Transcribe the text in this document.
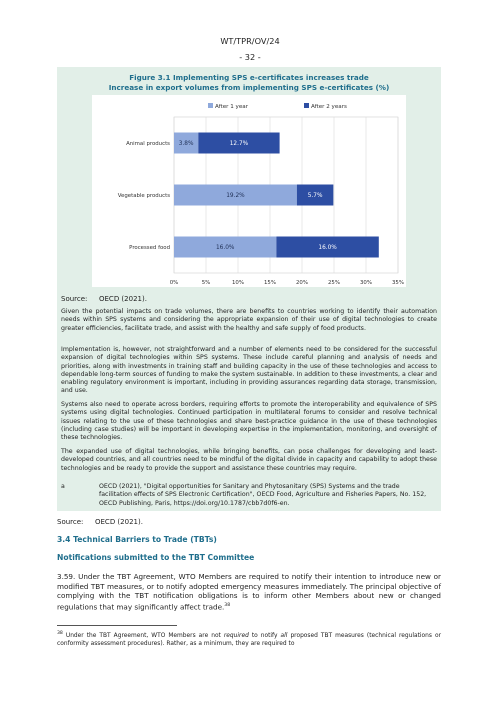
WT/TPR/OV/24
- 32 -
Figure 3.1 Implementing SPS e-certificates increases trade
Increase in export volumes from implementing SPS e-certificates (%)
0%	5%	10%	15%	20%	25%	30%	35%
After 1 year	After 2 years
Animal products 3.8%	12.7%
Vegetable products	19.2%	5.7%
Processed food	16.0%	16.0%
Source: OECD (2021).
Given the potential impacts on trade volumes, there are benefits to countries working to identify their automation needs within SPS systems and considering the appropriate expansion of their use of digital technologies to create greater efficiencies, facilitate trade, and assist with the healthy and safe supply of food products.
Implementation is, however, not straightforward and a number of elements need to be considered for the successful expansion of digital technologies within SPS systems. These include careful planning and analysis of needs and priorities, along with investments in training staff and building capacity in the use of these technologies and access to dependable long-term sources of funding to make the system sustainable. In addition to these investments, a clear and enabling regulatory environment is important, including in providing assurances regarding data storage, transmission, and use.
Systems also need to operate across borders, requiring efforts to promote the interoperability and equivalence of SPS systems using digital technologies. Continued participation in multilateral forums to consider and resolve technical issues relating to the use of these technologies and share best-practice guidance in the use of these technologies (including case studies) will be important in developing expertise in the implementation, monitoring, and oversight of these technologies.
The expanded use of digital technologies, while bringing benefits, can pose challenges for developing and least-developed countries, and all countries need to be mindful of the digital divide in capacity and capability to adopt these technologies and be ready to provide the support and assistance these countries may require.
a	OECD (2021), "Digital opportunities for Sanitary and Phytosanitary (SPS) Systems and the trade facilitation effects of SPS Electronic Certification", OECD Food, Agriculture and Fisheries Papers, No. 152, OECD Publishing, Paris, https://doi.org/10.1787/cbb7d0f6-en.
Source: OECD (2021).
3.4 Technical Barriers to Trade (TBTs)
Notifications submitted to the TBT Committee
3.59. Under the TBT Agreement, WTO Members are required to notify their intention to introduce new or modified TBT measures, or to notify adopted emergency measures immediately. The principal objective of complying with the TBT notification obligations is to inform other Members about new or changed regulations that may significantly affect trade.$^{38}$
$^{38}$ Under the TBT Agreement, WTO Members are not required to notify all proposed TBT measures (technical regulations or conformity assessment procedures). Rather, as a minimum, they are required to
